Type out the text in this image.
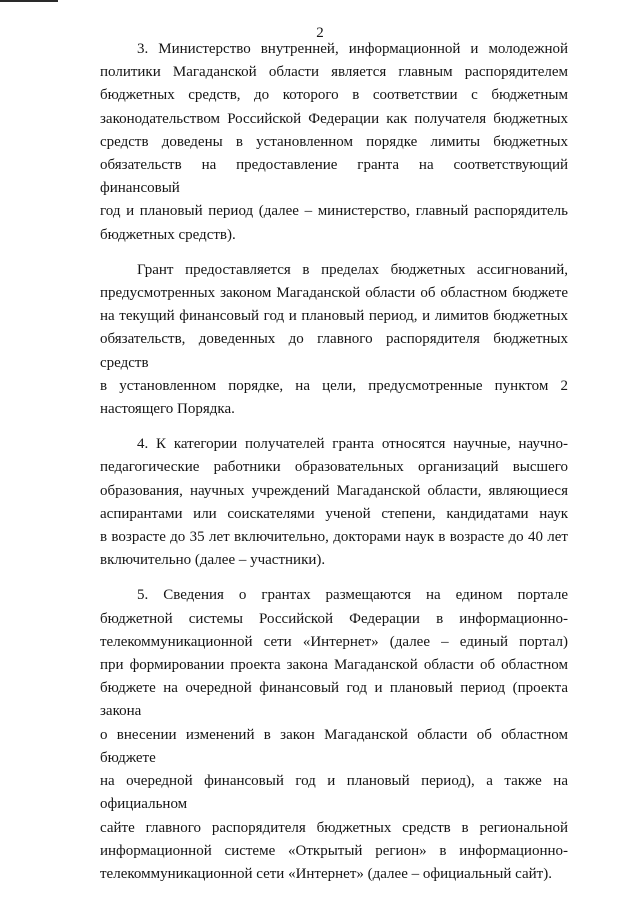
2
3. Министерство внутренней, информационной и молодежной
политики Магаданской области является главным распорядителем
бюджетных средств, до которого в соответствии с бюджетным
законодательством Российской Федерации как получателя бюджетных
средств доведены в установленном порядке лимиты бюджетных
обязательств на предоставление гранта на соответствующий финансовый
год и плановый период (далее – министерство, главный распорядитель
бюджетных средств).
Грант предоставляется в пределах бюджетных ассигнований,
предусмотренных законом Магаданской области об областном бюджете
на текущий финансовый год и плановый период, и лимитов бюджетных
обязательств, доведенных до главного распорядителя бюджетных средств
в установленном порядке, на цели, предусмотренные пунктом 2
настоящего Порядка.
4. К категории получателей гранта относятся научные, научно-
педагогические работники образовательных организаций высшего
образования, научных учреждений Магаданской области, являющиеся
аспирантами или соискателями ученой степени, кандидатами наук
в возрасте до 35 лет включительно, докторами наук в возрасте до 40 лет
включительно (далее – участники).
5. Сведения о грантах размещаются на едином портале
бюджетной системы Российской Федерации в информационно-
телекоммуникационной сети «Интернет» (далее – единый портал)
при формировании проекта закона Магаданской области об областном
бюджете на очередной финансовый год и плановый период (проекта закона
о внесении изменений в закон Магаданской области об областном бюджете
на очередной финансовый год и плановый период), а также на официальном
сайте главного распорядителя бюджетных средств в региональной
информационной системе «Открытый регион» в информационно-
телекоммуникационной сети «Интернет» (далее – официальный сайт).
